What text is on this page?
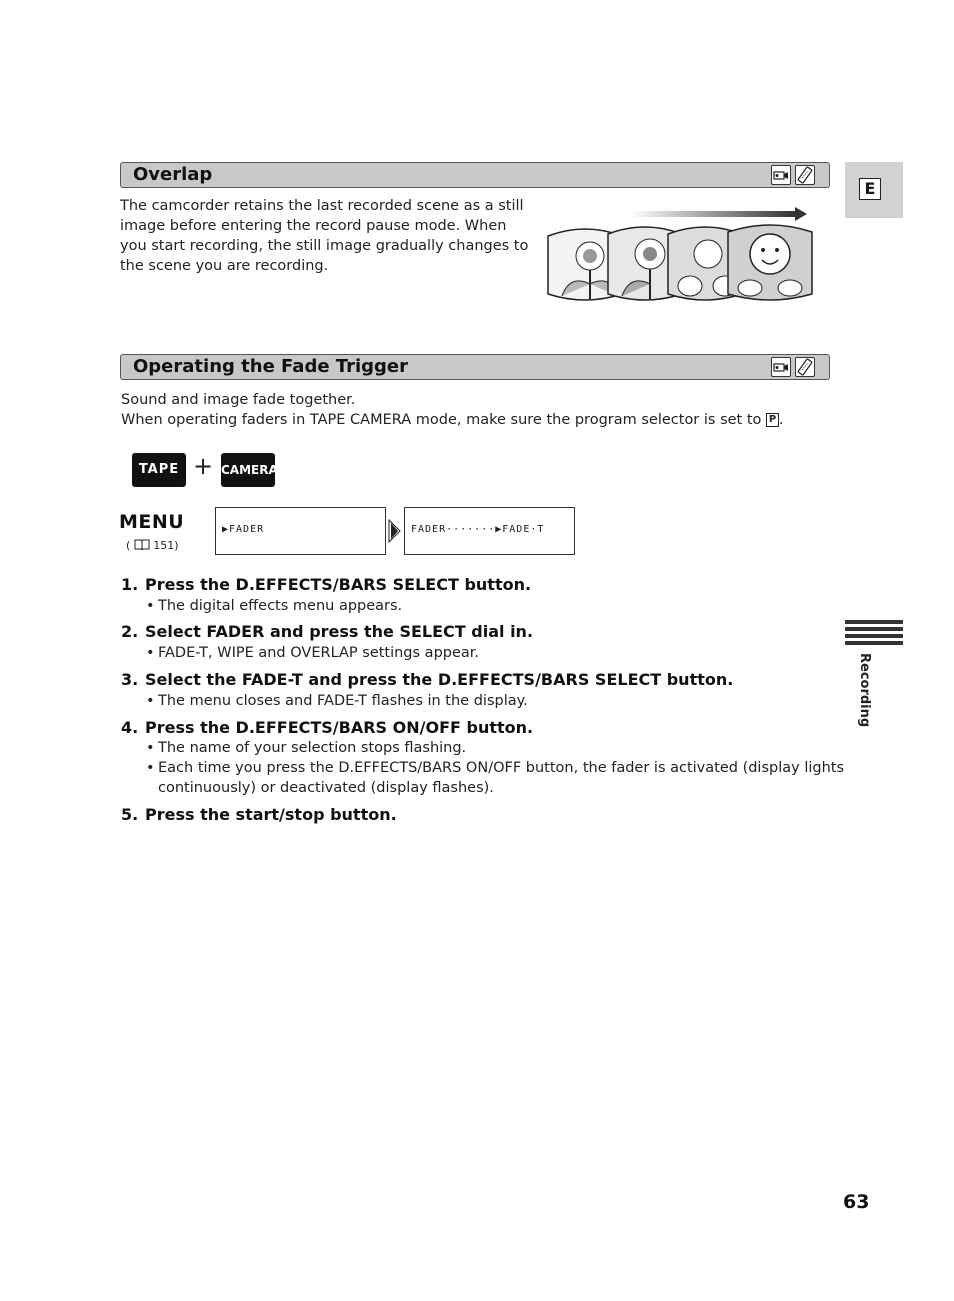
E
Recording
Overlap
The camcorder retains the last recorded scene as a still
image before entering the record pause mode. When
you start recording, the still image gradually changes to
the scene you are recording.
Operating the Fade Trigger
Sound and image fade together.
When operating faders in TAPE CAMERA mode, make sure the program selector is set to P .
TAPE + CAMERA
MENU
( 151)
▶FADER	FADER·······▶FADE·T
1. Press the D.EFFECTS/BARS SELECT button.
• The digital effects menu appears.
2. Select FADER and press the SELECT dial in.
• FADE-T, WIPE and OVERLAP settings appear.
3. Select the FADE-T and press the D.EFFECTS/BARS SELECT button.
• The menu closes and FADE-T flashes in the display.
4. Press the D.EFFECTS/BARS ON/OFF button.
• The name of your selection stops flashing.
• Each time you press the D.EFFECTS/BARS ON/OFF button, the fader is activated (display lights
continuously) or deactivated (display flashes).
5. Press the start/stop button.
63
